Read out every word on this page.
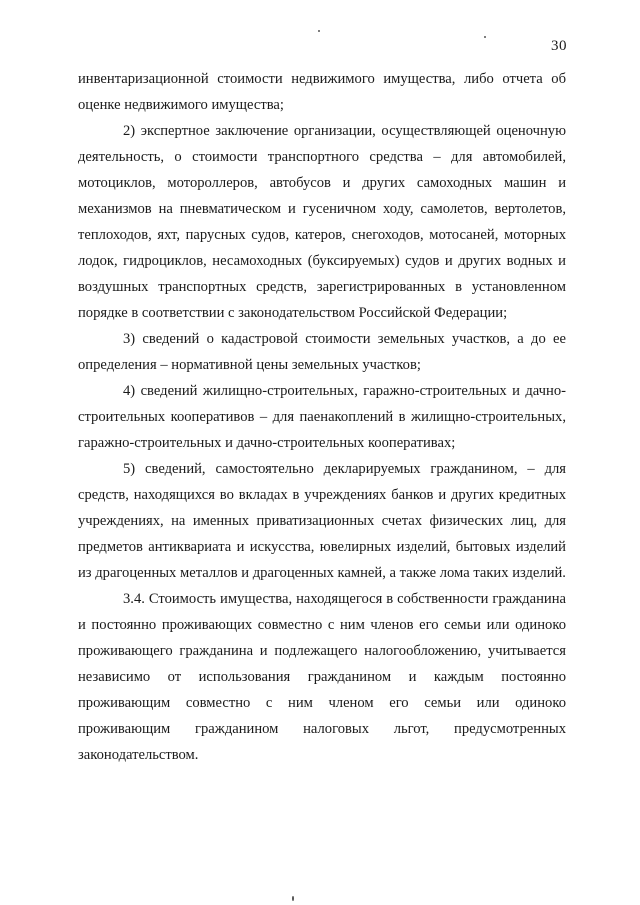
30

инвентаризационной стоимости недвижимого имущества, либо отчета об оценке недвижимого имущества;

2) экспертное заключение организации, осуществляющей оценочную деятельность, о стоимости транспортного средства – для автомобилей, мотоциклов, мотороллеров, автобусов и других самоходных машин и механизмов на пневматическом и гусеничном ходу, самолетов, вертолетов, теплоходов, яхт, парусных судов, катеров, снегоходов, мотосаней, моторных лодок, гидроциклов, несамоходных (буксируемых) судов и других водных и воздушных транспортных средств, зарегистрированных в установленном порядке в соответствии с законодательством Российской Федерации;

3) сведений о кадастровой стоимости земельных участков, а до ее определения – нормативной цены земельных участков;

4) сведений жилищно-строительных, гаражно-строительных и дачно-строительных кооперативов – для паенакоплений в жилищно-строительных, гаражно-строительных и дачно-строительных кооперативах;

5) сведений, самостоятельно декларируемых гражданином, – для средств, находящихся во вкладах в учреждениях банков и других кредитных учреждениях, на именных приватизационных счетах физических лиц, для предметов антиквариата и искусства, ювелирных изделий, бытовых изделий из драгоценных металлов и драгоценных камней, а также лома таких изделий.

3.4. Стоимость имущества, находящегося в собственности гражданина и постоянно проживающих совместно с ним членов его семьи или одиноко проживающего гражданина и подлежащего налогообложению, учитывается независимо от использования гражданином и каждым постоянно проживающим совместно с ним членом его семьи или одиноко проживающим гражданином налоговых льгот, предусмотренных законодательством.
